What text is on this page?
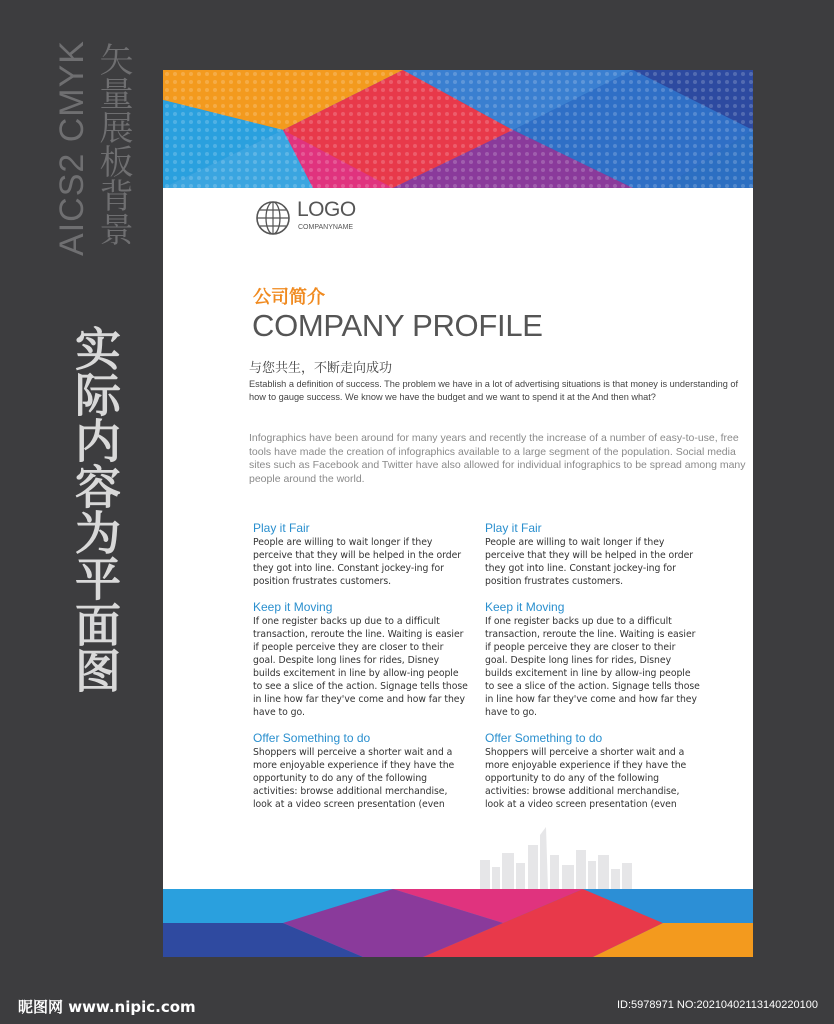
AICS2 CMYK 矢量展板背景
实际内容为平面图
LOGO
COMPANYNAME
公司简介
COMPANY PROFILE
与您共生，不断走向成功
Establish a definition of success. The problem we have in a lot of advertising situations is that money is understanding of how to gauge success. We know we have the budget and we want to spend it at the And then what?
Infographics have been around for many years and recently the increase of a number of easy-to-use, free tools have made the creation of infographics available to a large segment of the population. Social media sites such as Facebook and Twitter have also allowed for individual infographics to be spread among many people around the world.

Play it Fair

People are willing to wait longer if they perceive that they will be helped in the order they got into line. Constant jockey-ing for position frustrates customers.

Keep it Moving

If one register backs up due to a difficult transaction, reroute the line. Waiting is easier if people perceive they are closer to their goal. Despite long lines for rides, Disney builds excitement in line by allow-ing people to see a slice of the action. Signage tells those in line how far they've come and how far they have to go.

Offer Something to do

Shoppers will perceive a shorter wait and a more enjoyable experience if they have the opportunity to do any of the following activities: browse additional merchandise, look at a video screen presentation (even

Play it Fair

People are willing to wait longer if they perceive that they will be helped in the order they got into line. Constant jockey-ing for position frustrates customers.

Keep it Moving

If one register backs up due to a difficult transaction, reroute the line. Waiting is easier if people perceive they are closer to their goal. Despite long lines for rides, Disney builds excitement in line by allow-ing people to see a slice of the action. Signage tells those in line how far they've come and how far they have to go.

Offer Something to do

Shoppers will perceive a shorter wait and a more enjoyable experience if they have the opportunity to do any of the following activities: browse additional merchandise, look at a video screen presentation (even

昵图网 www.nipic.com	ID:5978971 NO:20210402113140220100
